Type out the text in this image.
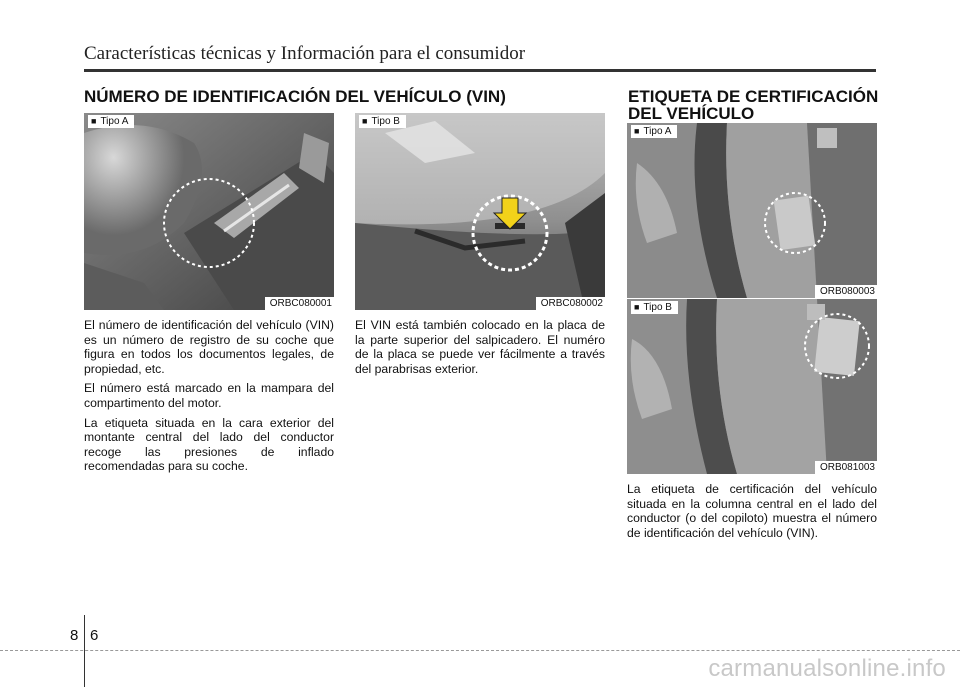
Características técnicas y Información para el consumidor
NÚMERO DE IDENTIFICACIÓN DEL VEHÍCULO (VIN)	ETIQUETA DE CERTIFICACIÓN
DEL VEHÍCULO
■ Tipo A
ORBC080001
■ Tipo B
ORBC080002
■ Tipo A
ORB080003
■ Tipo B
ORB081003

El número de identificación del vehículo (VIN) es un número de registro de su coche que figura en todos los documentos legales, de propiedad, etc.

El número está marcado en la mampara del compartimento del motor.

La etiqueta situada en la cara exterior del montante central del lado del conductor recoge las presiones de inflado recomendadas para su coche.

El VIN está también colocado en la placa de la parte superior del salpicadero. El numéro de la placa se puede ver fácilmente a través del parabrisas exterior.

La etiqueta de certificación del vehículo situada en la columna central en el lado del conductor (o del copiloto) muestra el número de identificación del vehículo (VIN).

8 6
carmanualsonline.info
